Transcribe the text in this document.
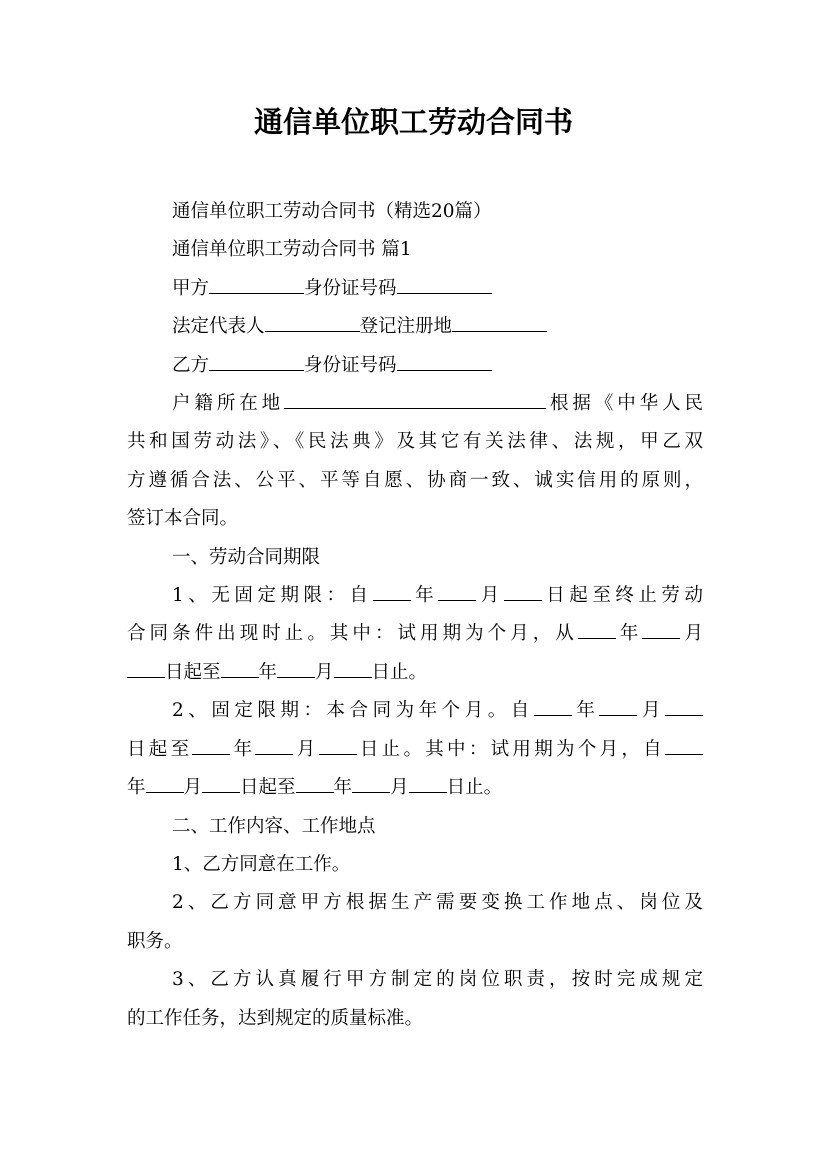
通信单位职工劳动合同书
通信单位职工劳动合同书（精选20篇）
通信单位职工劳动合同书 篇1
甲方	身份证号码
法定代表人	登记注册地
乙方	身份证号码
户籍所在地	根据《中华人民
共和国劳动法》、《民法典》及其它有关法律、法规，甲乙双
方遵循合法、公平、平等自愿、协商一致、诚实信用的原则，
签订本合同。
一、劳动合同期限
1、无固定期限：自 年 月 日起至终止劳动
合同条件出现时止。其中：试用期为个月，从 年 月
日起至 年 月 日止。
2、固定限期：本合同为年个月。自 年 月
日起至 年 月 日止。其中：试用期为个月，自
年 月 日起至 年 月 日止。
二、工作内容、工作地点
1、乙方同意在工作。
2、乙方同意甲方根据生产需要变换工作地点、岗位及
职务。
3、乙方认真履行甲方制定的岗位职责，按时完成规定
的工作任务，达到规定的质量标准。
